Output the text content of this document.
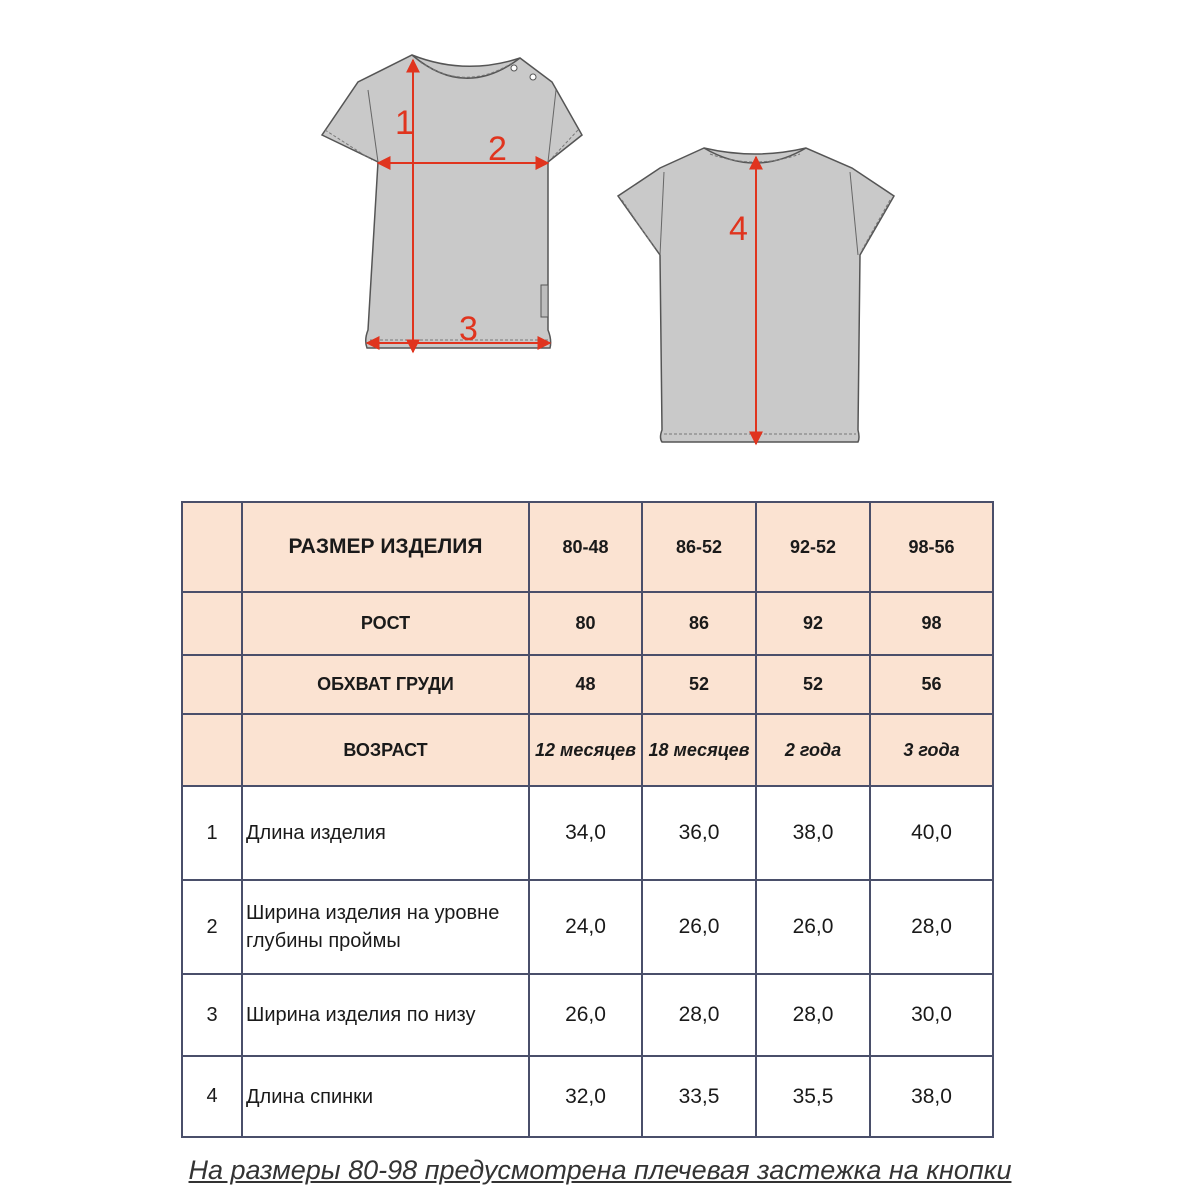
1
2
3
4
	РАЗМЕР ИЗДЕЛИЯ	80-48	86-52	92-52	98-56
	РОСТ	80	86	92	98
	ОБХВАТ ГРУДИ	48	52	52	56
	ВОЗРАСТ	12 месяцев	18 месяцев	2 года	3 года
1	Длина изделия	34,0	36,0	38,0	40,0
2	Ширина изделия на уровне глубины проймы	24,0	26,0	26,0	28,0
3	Ширина изделия по низу	26,0	28,0	28,0	30,0
4	Длина спинки	32,0	33,5	35,5	38,0
На размеры 80-98 предусмотрена плечевая застежка на кнопки
